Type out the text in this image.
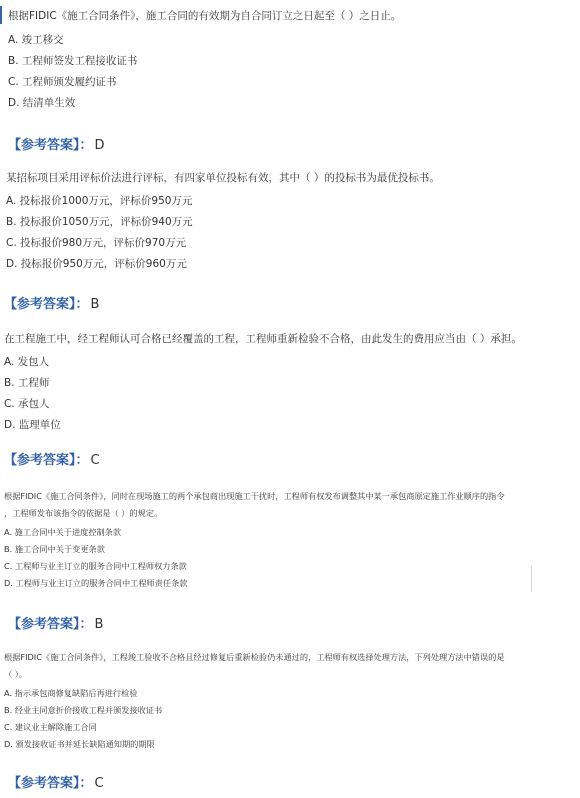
根据FIDIC《施工合同条件》，施工合同的有效期为自合同订立之日起至（ ）之日止。
A. 竣工移交
B. 工程师签发工程接收证书
C. 工程师颁发履约证书
D. 结清单生效
【参考答案】： D
某招标项目采用评标价法进行评标，有四家单位投标有效，其中（ ）的投标书为最优投标书。
A. 投标报价1000万元，评标价950万元
B. 投标报价1050万元，评标价940万元
C. 投标报价980万元，评标价970万元
D. 投标报价950万元，评标价960万元
【参考答案】： B
在工程施工中，经工程师认可合格已经覆盖的工程，工程师重新检验不合格，由此发生的费用应当由（ ）承担。
A. 发包人
B. 工程师
C. 承包人
D. 监理单位
【参考答案】： C
根据FIDIC《施工合同条件》，同时在现场施工的两个承包商出现施工干扰时，工程师有权发布调整其中某一承包商原定施工作业顺序的指令
，工程师发布该指令的依据是（ ）的规定。
A. 施工合同中关于进度控制条款
B. 施工合同中关于变更条款
C. 工程师与业主订立的服务合同中工程师权力条款
D. 工程师与业主订立的服务合同中工程师责任条款
【参考答案】： B
根据FIDIC《施工合同条件》，工程竣工验收不合格且经过修复后重新检验仍未通过的，工程师有权选择处理方法，下列处理方法中错误的是
（ ）。
A. 指示承包商修复缺陷后再进行检验
B. 经业主同意折价接收工程并颁发接收证书
C. 建议业主解除施工合同
D. 颁发接收证书并延长缺陷通知期的期限
【参考答案】： C
